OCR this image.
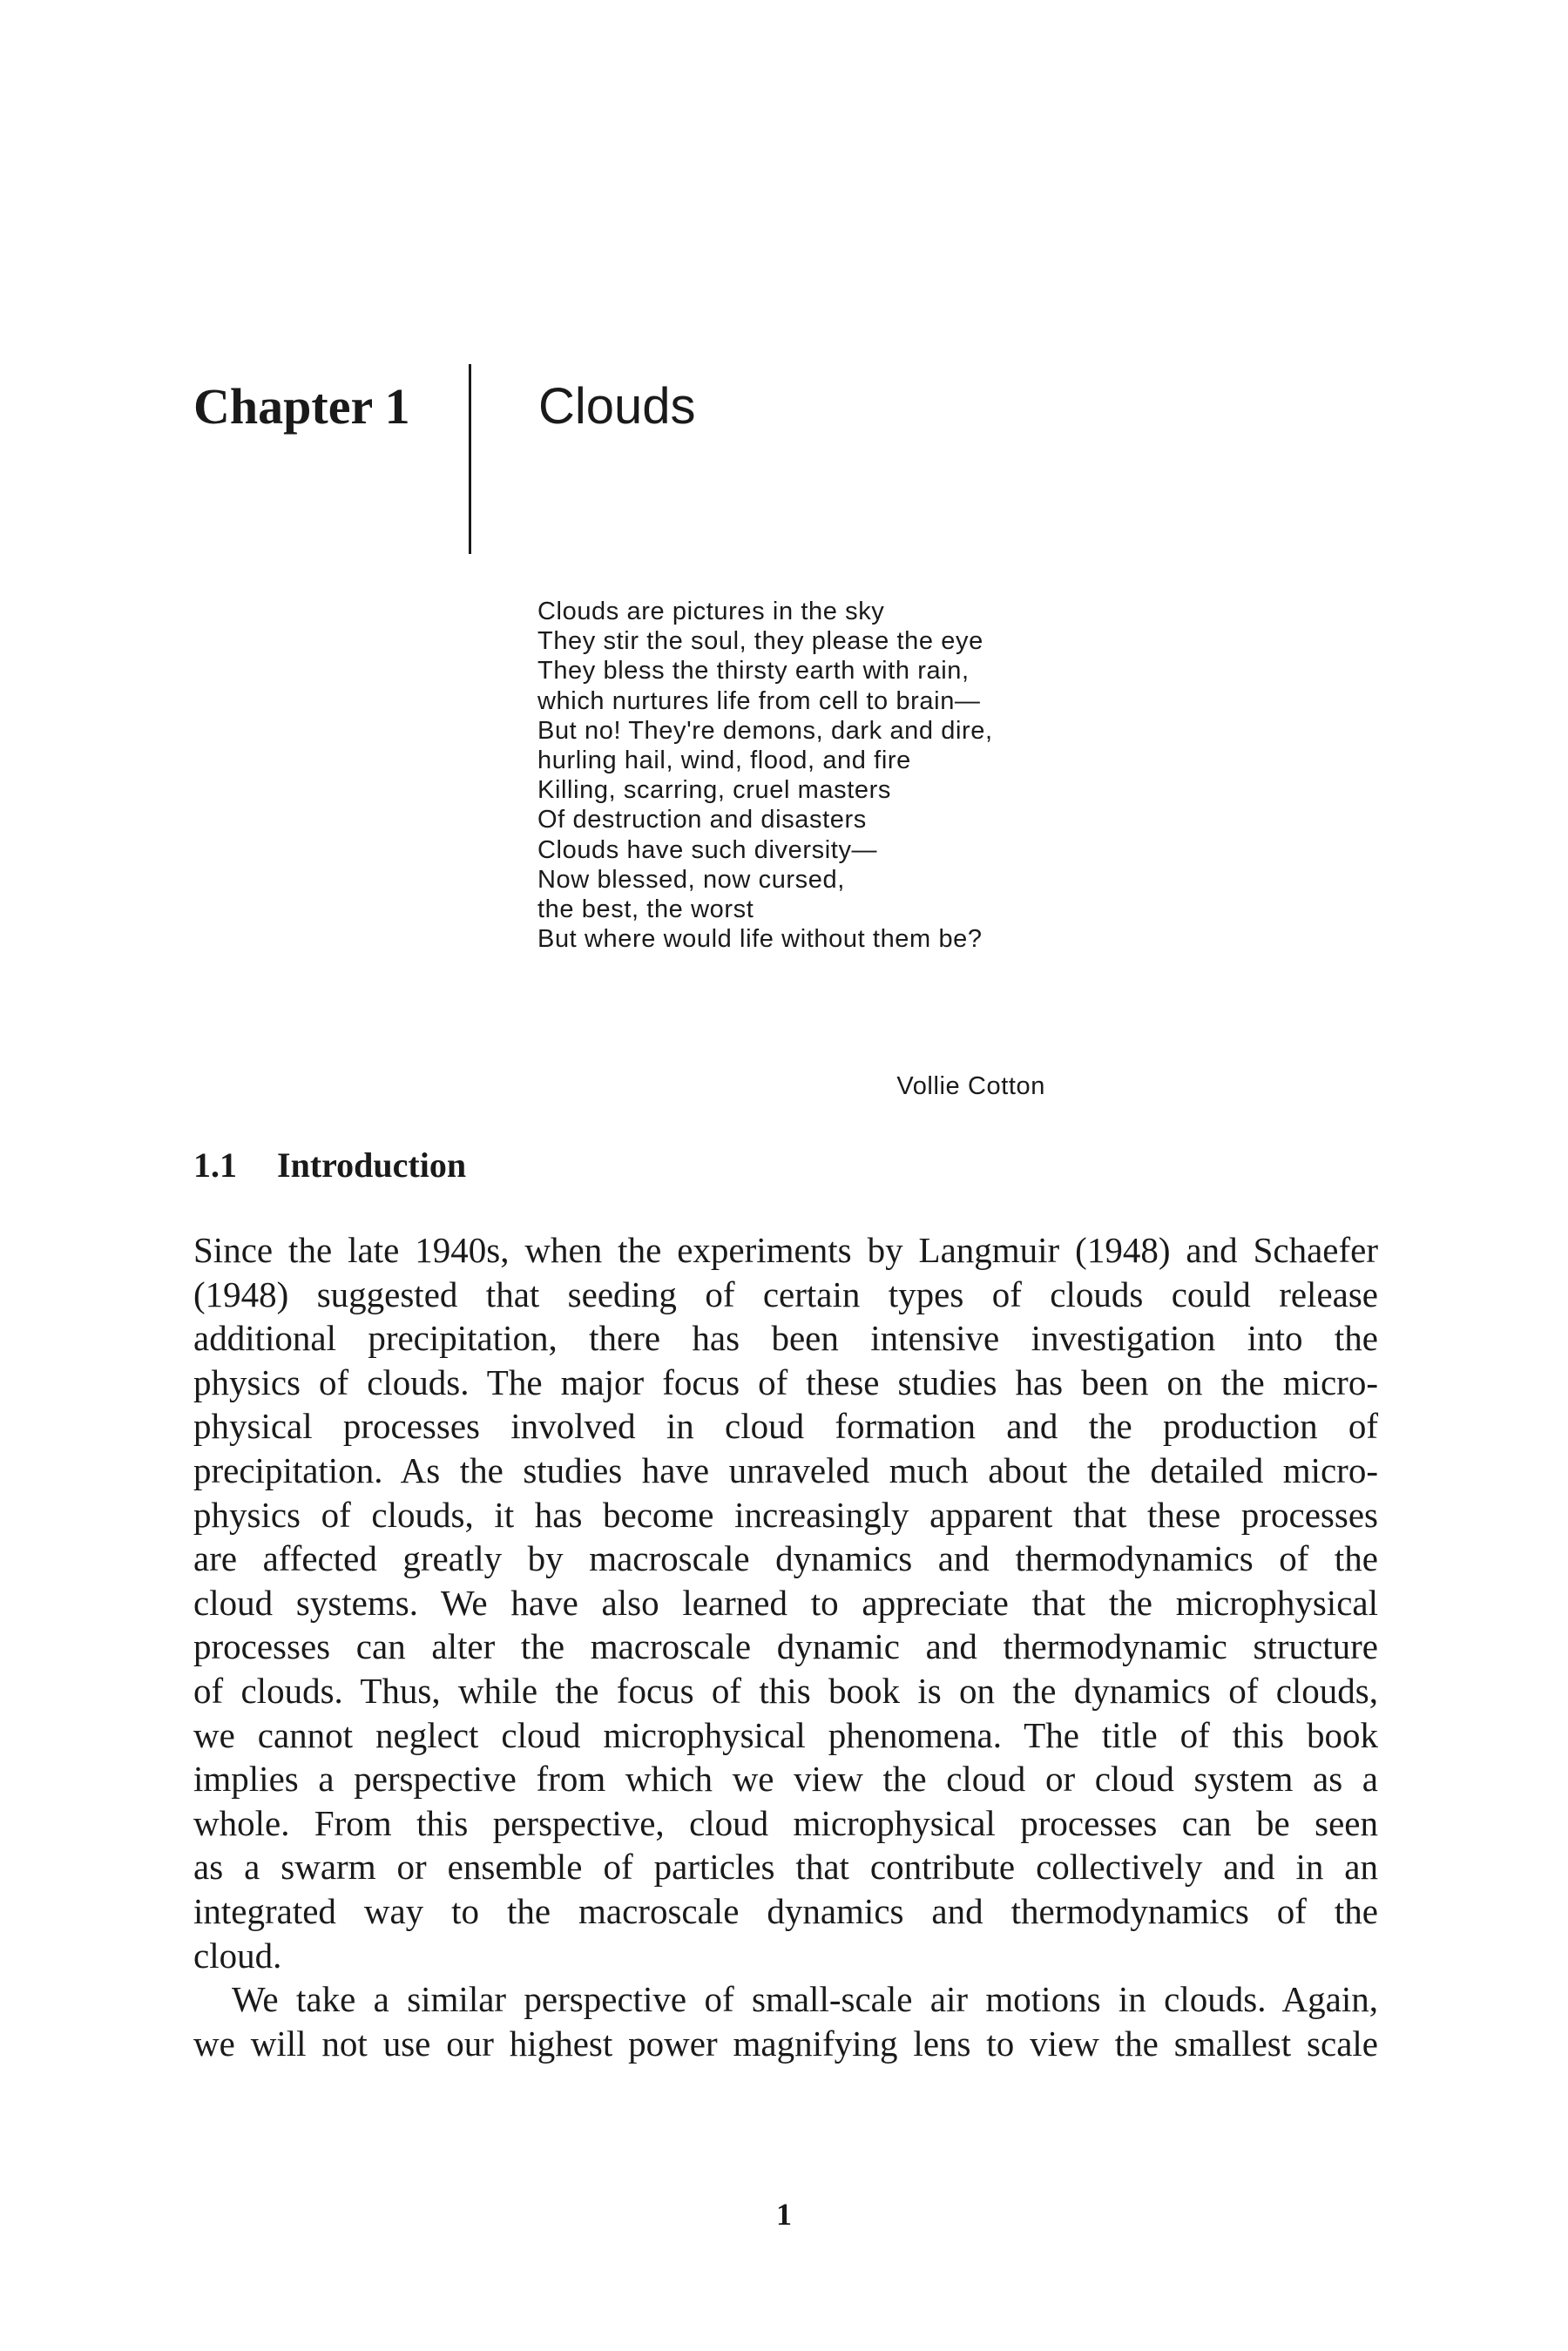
Chapter 1	Clouds
Clouds are pictures in the sky
They stir the soul, they please the eye
They bless the thirsty earth with rain,
which nurtures life from cell to brain—
But no! They're demons, dark and dire,
hurling hail, wind, flood, and fire
Killing, scarring, cruel masters
Of destruction and disasters
Clouds have such diversity—
Now blessed, now cursed,
the best, the worst
But where would life without them be?
Vollie Cotton
1.1 Introduction
Since the late 1940s, when the experiments by Langmuir (1948) and Schaefer
(1948) suggested that seeding of certain types of clouds could release
additional precipitation, there has been intensive investigation into the
physics of clouds. The major focus of these studies has been on the micro-
physical processes involved in cloud formation and the production of
precipitation. As the studies have unraveled much about the detailed micro-
physics of clouds, it has become increasingly apparent that these processes
are affected greatly by macroscale dynamics and thermodynamics of the
cloud systems. We have also learned to appreciate that the microphysical
processes can alter the macroscale dynamic and thermodynamic structure
of clouds. Thus, while the focus of this book is on the dynamics of clouds,
we cannot neglect cloud microphysical phenomena. The title of this book
implies a perspective from which we view the cloud or cloud system as a
whole. From this perspective, cloud microphysical processes can be seen
as a swarm or ensemble of particles that contribute collectively and in an
integrated way to the macroscale dynamics and thermodynamics of the
cloud.
We take a similar perspective of small-scale air motions in clouds. Again,
we will not use our highest power magnifying lens to view the smallest scale
1
